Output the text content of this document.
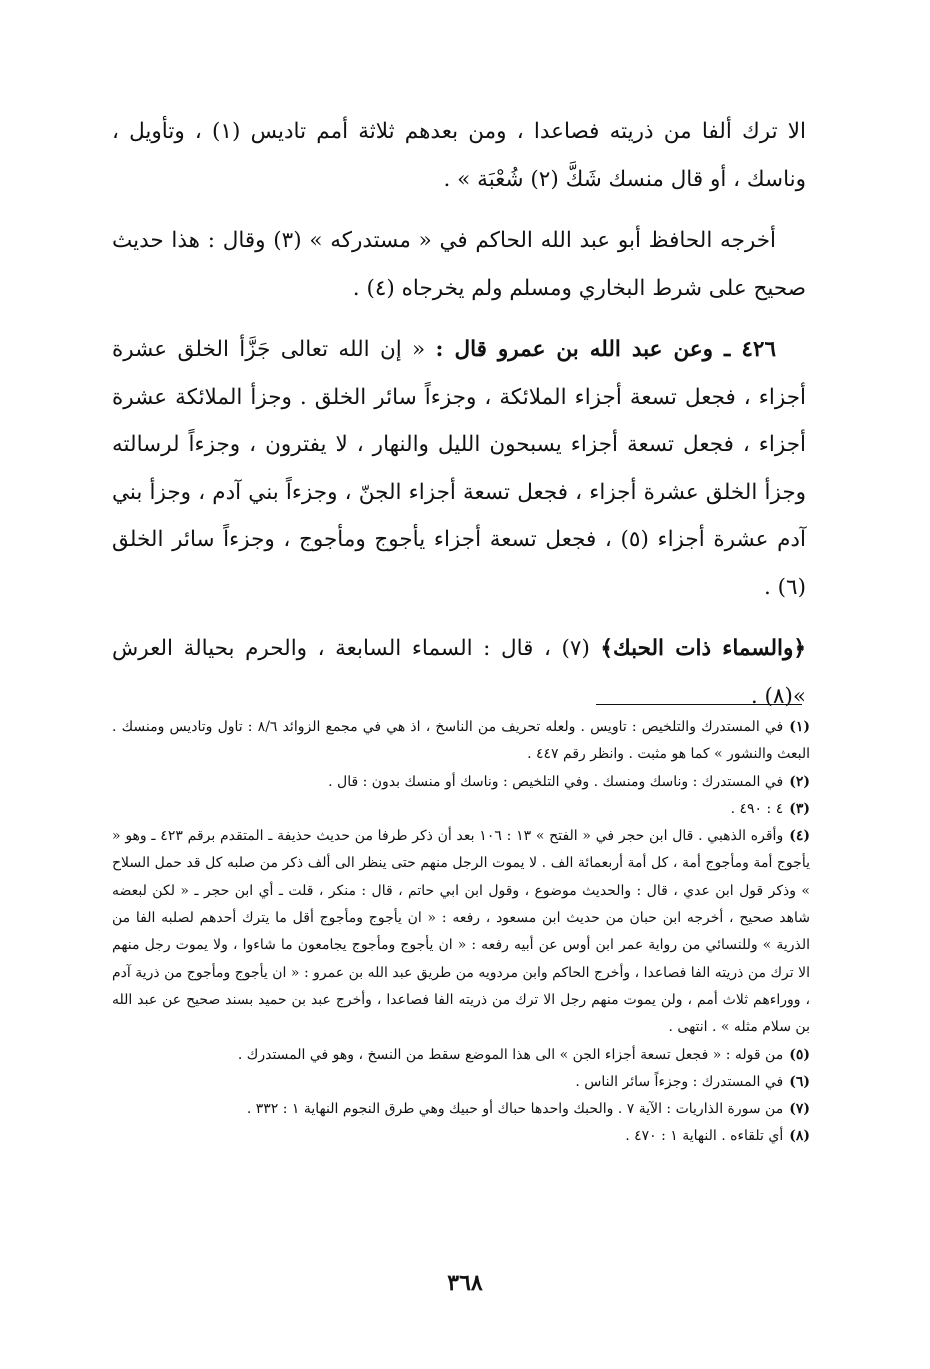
الا ترك ألفا من ذريته فصاعدا ، ومن بعدهم ثلاثة أمم تاديس (١) ، وتأويل ، وناسك ، أو قال منسك شَكَّ (٢) شُعْبَة » .

أخرجه الحافظ أبو عبد الله الحاكم في « مستدركه » (٣) وقال : هذا حديث صحيح على شرط البخاري ومسلم ولم يخرجاه (٤) .

٤٢٦ ـ وعن عبد الله بن عمرو قال : « إن الله تعالى جَزَّأ الخلق عشرة أجزاء ، فجعل تسعة أجزاء الملائكة ، وجزءاً سائر الخلق . وجزأ الملائكة عشرة أجزاء ، فجعل تسعة أجزاء يسبحون الليل والنهار ، لا يفترون ، وجزءاً لرسالته وجزأ الخلق عشرة أجزاء ، فجعل تسعة أجزاء الجنّ ، وجزءاً بني آدم ، وجزأ بني آدم عشرة أجزاء (٥) ، فجعل تسعة أجزاء يأجوج ومأجوج ، وجزءاً سائر الخلق (٦) .

﴿والسماء ذات الحبك﴾ (٧) ، قال : السماء السابعة ، والحرم بحيالة العرش »(٨) .

(١)في المستدرك والتلخيص : تاويس . ولعله تحريف من الناسخ ، اذ هي في مجمع الزوائد ٨/٦ : تاول وتاديس ومنسك . البعث والنشور » كما هو مثبت . وانظر رقم ٤٤٧ .

(٢)في المستدرك : وناسك ومنسك . وفي التلخيص : وناسك أو منسك بدون : قال .

(٣)٤ : ٤٩٠ .

(٤)وأقره الذهبي . قال ابن حجر في « الفتح » ١٣ : ١٠٦ بعد أن ذكر طرفا من حديث حذيفة ـ المتقدم برقم ٤٢٣ ـ وهو « يأجوج أمة ومأجوج أمة ، كل أمة أربعمائة الف . لا يموت الرجل منهم حتى ينظر الى ألف ذكر من صلبه كل قد حمل السلاح » وذكر قول ابن عدي ، قال : والحديث موضوع ، وقول ابن ابي حاتم ، قال : منكر ، قلت ـ أي ابن حجر ـ « لكن لبعضه شاهد صحيح ، أخرجه ابن حبان من حديث ابن مسعود ، رفعه : « ان يأجوج ومأجوج أقل ما يترك أحدهم لصلبه الفا من الذرية » وللنسائي من رواية عمر ابن أوس عن أبيه رفعه : « ان يأجوج ومأجوج يجامعون ما شاءوا ، ولا يموت رجل منهم الا ترك من ذريته الفا فصاعدا ، وأخرج الحاكم وابن مردويه من طريق عبد الله بن عمرو : « ان يأجوج ومأجوج من ذرية آدم ، ووراءهم ثلاث أمم ، ولن يموت منهم رجل الا ترك من ذريته الفا فصاعدا ، وأخرج عبد بن حميد بسند صحيح عن عبد الله بن سلام مثله » . انتهى .

(٥)من قوله : « فجعل تسعة أجزاء الجن » الى هذا الموضع سقط من النسخ ، وهو في المستدرك .

(٦)في المستدرك : وجزءاً سائر الناس .

(٧)من سورة الذاريات : الآية ٧ . والحبك واحدها حباك أو حبيك وهي طرق النجوم النهاية ١ : ٣٣٢ .

(٨)أي تلقاءه . النهاية ١ : ٤٧٠ .

٣٦٨
